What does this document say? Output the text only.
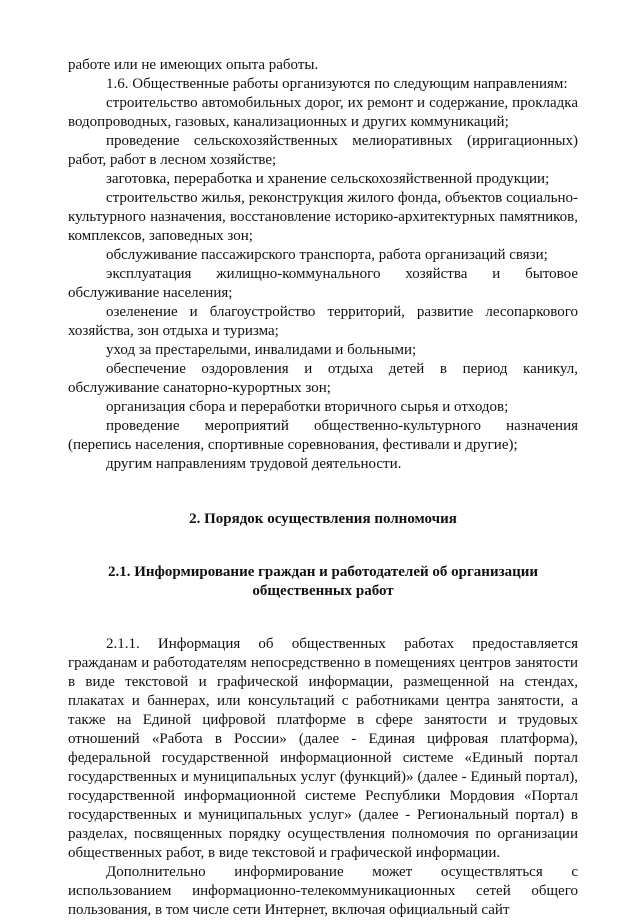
работе или не имеющих опыта работы.

1.6. Общественные работы организуются по следующим направлениям:

строительство автомобильных дорог, их ремонт и содержание, прокладка водопроводных, газовых, канализационных и других коммуникаций;

проведение сельскохозяйственных мелиоративных (ирригационных) работ, работ в лесном хозяйстве;

заготовка, переработка и хранение сельскохозяйственной продукции;

строительство жилья, реконструкция жилого фонда, объектов социально-культурного назначения, восстановление историко-архитектурных памятников, комплексов, заповедных зон;

обслуживание пассажирского транспорта, работа организаций связи;

эксплуатация жилищно-коммунального хозяйства и бытовое обслуживание населения;

озеленение и благоустройство территорий, развитие лесопаркового хозяйства, зон отдыха и туризма;

уход за престарелыми, инвалидами и больными;

обеспечение оздоровления и отдыха детей в период каникул, обслуживание санаторно-курортных зон;

организация сбора и переработки вторичного сырья и отходов;

проведение мероприятий общественно-культурного назначения (перепись населения, спортивные соревнования, фестивали и другие);

другим направлениям трудовой деятельности.

2. Порядок осуществления полномочия
2.1. Информирование граждан и работодателей об организации общественных работ

2.1.1. Информация об общественных работах предоставляется гражданам и работодателям непосредственно в помещениях центров занятости в виде текстовой и графической информации, размещенной на стендах, плакатах и баннерах, или консультаций с работниками центра занятости, а также на Единой цифровой платформе в сфере занятости и трудовых отношений «Работа в России» (далее - Единая цифровая платформа), федеральной государственной информационной системе «Единый портал государственных и муниципальных услуг (функций)» (далее - Единый портал), государственной информационной системе Республики Мордовия «Портал государственных и муниципальных услуг» (далее - Региональный портал) в разделах, посвященных порядку осуществления полномочия по организации общественных работ, в виде текстовой и графической информации.

Дополнительно информирование может осуществляться с использованием информационно-телекоммуникационных сетей общего пользования, в том числе сети Интернет, включая официальный сайт
